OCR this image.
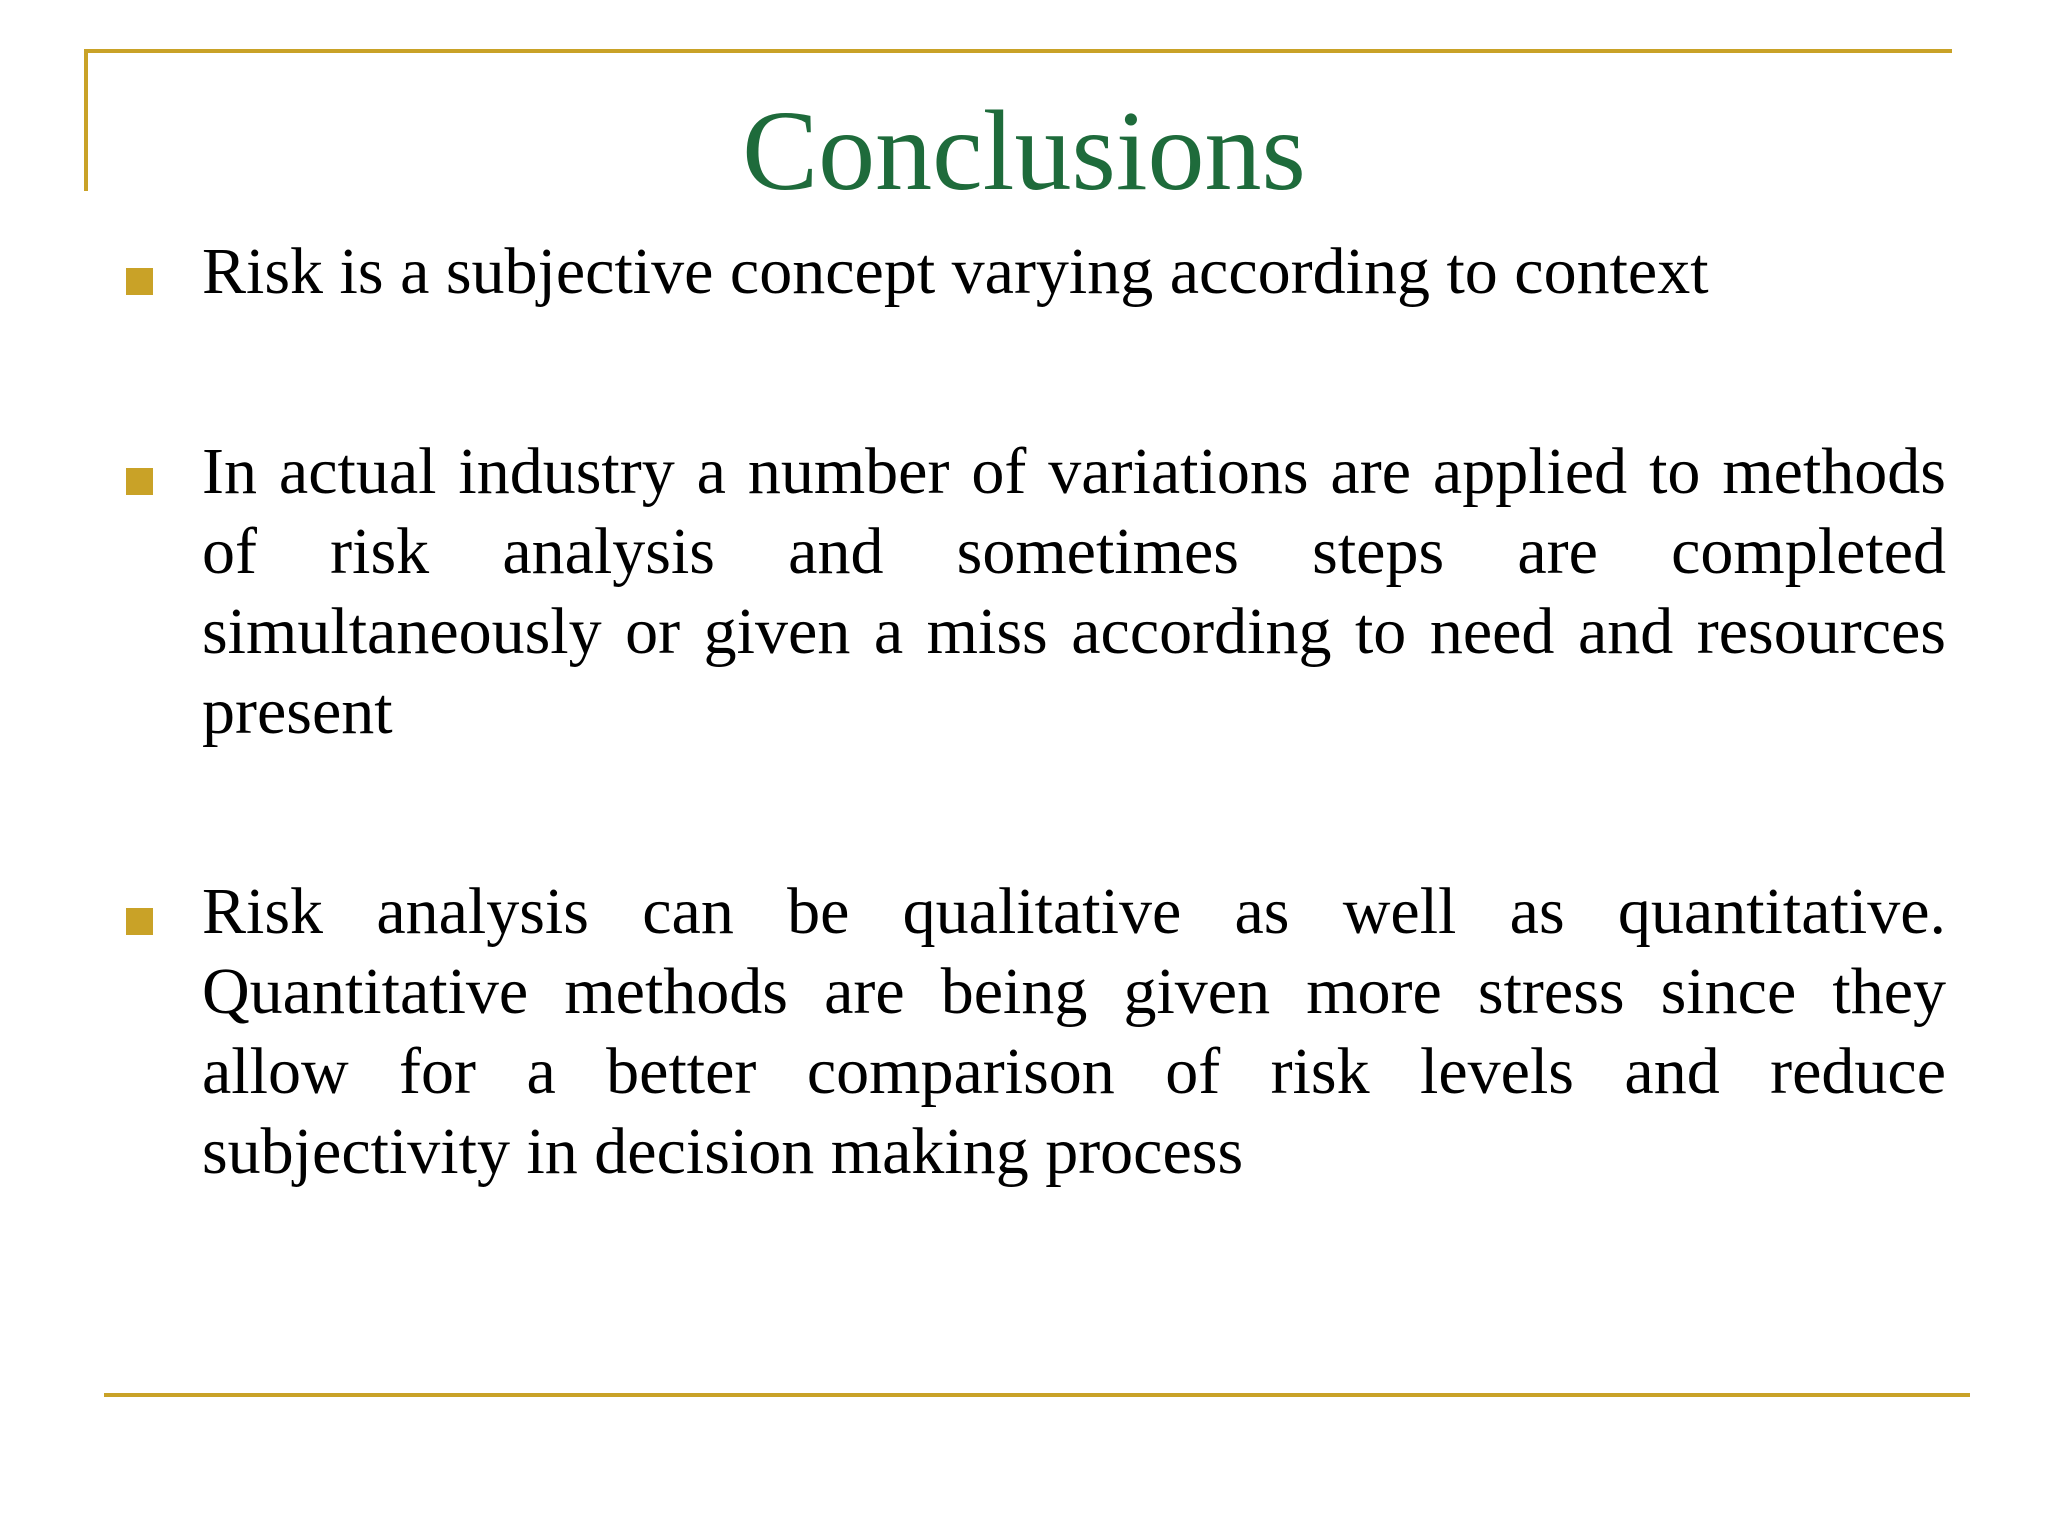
Conclusions

Risk is a subjective concept varying according to context

In actual industry a number of variations are applied to methods of risk analysis and sometimes steps are completed simultaneously or given a miss according to need and resources present

Risk analysis can be qualitative as well as quantitative. Quantitative methods are being given more stress since they allow for a better comparison of risk levels and reduce subjectivity in decision making process
